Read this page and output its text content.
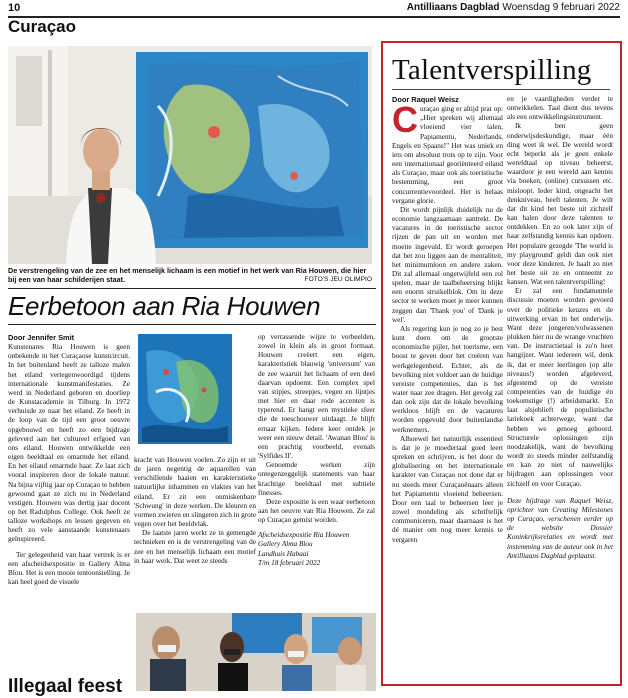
10	Antilliaans Dagblad Woensdag 9 februari 2022
Curaçao
De verstrengeling van de zee en het menselijk lichaam is een motief in het werk van Ria Houwen, die hier bij een van haar schilderijen staat.	FOTO'S JEU OLIMPIO
Eerbetoon aan Ria Houwen
Door Jennifer Smit

Kunstenares Ria Houwen is geen onbekende in het Curaçaose kunstcircuit. In het buitenland heeft ze talloze malen het eiland vertegenwoordigd tijdens internationale kunstmanifestaties. Ze werd in Nederland geboren en doorliep de Kunstacademie in Tilburg. In 1972 verhuisde ze naar het eiland. Ze heeft in de loop van de tijd een groot oeuvre opgebouwd en heeft zo een bijdrage geleverd aan het cultureel erfgoed van ons eiland. Houwen ontwikkelde een eigen beeldtaal en omarmde het eiland. En het eiland omarmde haar. Ze laat zich vooral inspireren door de lokale natuur. Na bijna vijftig jaar op Curaçao te hebben gewoond gaat ze zich nu in Nederland vestigen. Houwen was dertig jaar docent op het Radulphus College. Ook heeft ze talloze workshops en lessen gegeven en heeft zo vele aanstaande kunstenaars geïnspireerd.

Ter gelegenheid van haar vertrek is er een afscheidsexpositie in Gallery Alma Blou. Het is een mooie tentoonstelling. Je kan heel goed de visuele

kracht van Houwen voelen. Zo zijn er uit de jaren negentig de aquarellen van verschillende baaien en karakteristieke natuurlijke inhammen en vlaktes van het eiland. Er zit een onmiskenbare 'Schwung' in deze werken. De kleuren en vormen zwieren en slingeren zich in grote vegen over het beeldvlak.

De laatste jaren werkt ze in gemengde technieken en is de verstrengeling van de zee en het menselijk lichaam een motief in haar werk. Dat weet ze steeds

op verrassende wijze te verbeelden, zowel in klein als in groot formaat. Houwen creëert een eigen, karakteristiek blauwig 'universum' van de zee waaruit het lichaam of een deel daarvan opdoemt. Een complex spel van stipjes, streepjes, vegen en lijntjes met hier en daar rode accenten is typerend. Er hangt een mystieke sfeer die de toeschouwer uitdaagt. Je blijft ernaar kijken. Iedere keer ontdek je weer een nieuw detail. 'Awanan Blou' is een prachtig voorbeeld, evenals 'Sylfides II'.

Genoemde werken zijn ontegenzeggelijk statements van haar krachtige beeldtaal met subtiele finesses.

Deze expositie is een waar eerbetoon aan het oeuvre van Ria Houwen. Ze zal op Curaçao gemist worden.

Afscheidsexpositie Ria Houwen
Gallery Alma Blou
Landhuis Habaai
T/m 18 februari 2022

Illegaal feest
Talentverspilling
Door Raquel Weisz

Curaçao ging er altijd prat op: „Hier spreken wij allemaal vloeiend vier talen, Papiamentu, Nederlands, Engels en Spaans!" Het was uniek en iets om absoluut trots op te zijn. Voor een internationaal georiënteerd eiland als Curaçao, maar ook als toeristische bestemming, een groot concurrentievoordeel. Het is helaas vergane glorie.

Dit wordt pijnlijk duidelijk nu de economie langzaamaan aantrekt. De vacatures in de toeristische sector rijzen de pan uit en worden met moeite ingevuld. Er wordt geroepen dat het zou liggen aan de mentaliteit, het minimumloon en andere zaken. Dit zal allemaal ongetwijfeld een rol spelen, maar de taalbeheersing blijkt een enorm struikelblok. Om in deze sector te werken moet je meer kunnen zeggen dan 'Thank you' of 'Dank je wel'.

Als regering kun je nog zo je best kunt doen om de grootste economische pijler, het toerisme, een boost te geven door het creëren van werkgelegenheid. Echter, als de bevolking niet voldoet aan de huidige vereiste competenties, dan is het water naar zee dragen. Het gevolg zal dan ook zijn dat de lokale bevolking werkloos blijft en de vacatures worden opgevuld door buitenlandse werknemers.

Alhoewel het natuurlijk essentieel is dat je je moedertaal goed leert spreken en schrijven, is het door de globalisering en het internationale karakter van Curaçao not done dat er nu steeds meer Curaçaoënaars alleen het Papiamentu vloeiend beheersen. Door een taal te beheersen leer je zowel mondeling als schriftelijk communiceren, maar daarnaast is het dé manier om nog meer kennis te vergaren

en je vaardigheden verder te ontwikkelen. Taal dient dus tevens als een ontwikkelingsinstrument.

Ik ben geen onderwijsdeskundige, maar één ding weet ik wel. De wereld wordt echt beperkt als je geen enkele wereldtaal op niveau beheerst, waardoor je een wereld aan kennis via boeken, (online) cursussen etc. misloopt. Ieder kind, ongeacht het denkniveau, heeft talenten. Je wilt dat dit kind het beste uit zichzelf kan halen door deze talenten te ontdekken. En zo ook later zijn of haar zelfstandig kennis kan opdoen. Het populaire gezegde 'The world is my playground' geldt dan ook niet voor deze kinderen. Je haalt zo niet het beste uit ze en ontneemt ze kansen. Wat een talentverspilling!

Er zal een fundamentele discussie moeten worden gevoerd over de politieke keuzes en de uitwerking ervan in het onderwijs. Want deze jongeren/volwassenen plukken hier nu de wrange vruchten van. De instructietaal is zo'n heet hangijzer. Want iedereen wil, denk ik, dat er meer leerlingen (op alle niveaus!) worden afgeleverd, afgestemd op de vereiste competenties van de huidige én toekomstige (!) arbeidsmarkt. En laat alsjeblieft de populistische lariekoek achterwege, want dat hebben we genoeg gehoord. Structurele oplossingen zijn noodzakelijk, want de bevolking wordt zo steeds minder zelfstandig en kan zo niet of nauwelijks bijdragen aan oplossingen voor zichzelf en voor Curaçao.

Deze bijdrage van Raquel Weisz, oprichter van Creating Milestones op Curaçao, verschenen eerder op de website Dossier Koninkrijksrelaties en wordt met instemming van de auteur ook in het Antilliaans Dagblad geplaatst.
